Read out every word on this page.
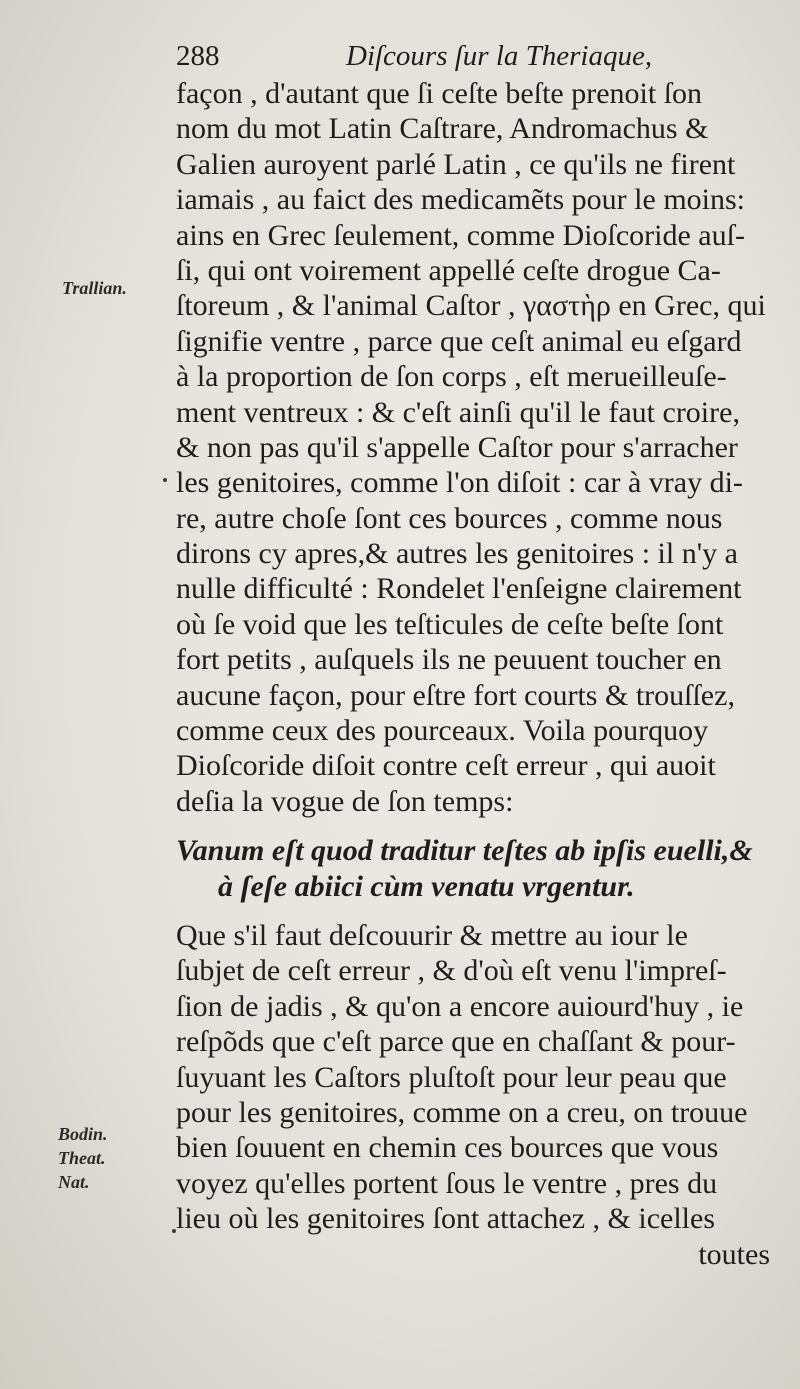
288	Diſcours ſur la Theriaque,
Trallian.
Bodin.
Theat.
Nat.
façon , d'autant que ſi ceſte beſte prenoit ſon
nom du mot Latin Caſtrare, Andromachus &
Galien auroyent parlé Latin , ce qu'ils ne firent
iamais , au faict des medicamẽts pour le moins:
ains en Grec ſeulement, comme Dioſcoride auſ-
ſi, qui ont voirement appellé ceſte drogue Ca-
ſtoreum , & l'animal Caſtor , γαστὴρ en Grec, qui
ſignifie ventre , parce que ceſt animal eu eſgard
à la proportion de ſon corps , eſt merueilleuſe-
ment ventreux : & c'eſt ainſi qu'il le faut croire,
& non pas qu'il s'appelle Caſtor pour s'arracher
les genitoires, comme l'on diſoit : car à vray di-
re, autre choſe ſont ces bources , comme nous
dirons cy apres,& autres les genitoires : il n'y a
nulle difficulté : Rondelet l'enſeigne clairement
où ſe void que les teſticules de ceſte beſte ſont
fort petits , auſquels ils ne peuuent toucher en
aucune façon, pour eſtre fort courts & trouſſez,
comme ceux des pourceaux. Voila pourquoy
Dioſcoride diſoit contre ceſt erreur , qui auoit
deſia la vogue de ſon temps:
Vanum eſt quod traditur teſtes ab ipſis euelli,&
à ſeſe abiici cùm venatu vrgentur.
Que s'il faut deſcouurir & mettre au iour le
ſubjet de ceſt erreur , & d'où eſt venu l'impreſ-
ſion de jadis , & qu'on a encore auiourd'huy , ie
reſpõds que c'eſt parce que en chaſſant & pour-
ſuyuant les Caſtors pluſtoſt pour leur peau que
pour les genitoires, comme on a creu, on trouue
bien ſouuent en chemin ces bources que vous
voyez qu'elles portent ſous le ventre , pres du
lieu où les genitoires ſont attachez , & icelles
toutes
